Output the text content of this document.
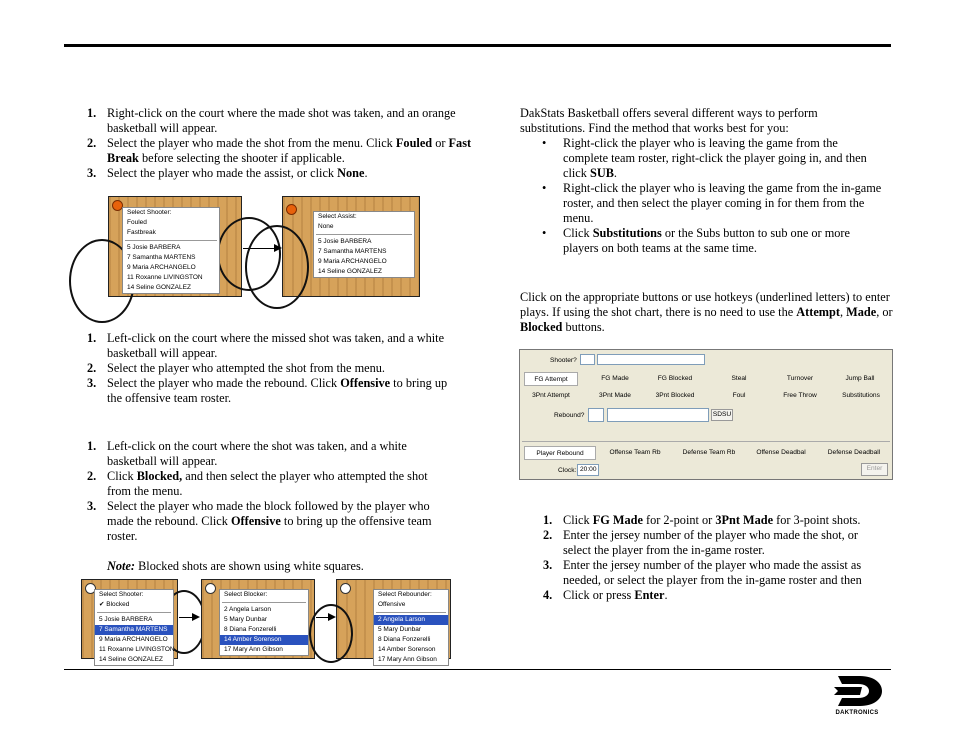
1. Right-click on the court where the made shot was taken, and an orange basketball will appear.
2. Select the player who made the shot from the menu. Click Fouled or Fast Break before selecting the shooter if applicable.
3. Select the player who made the assist, or click None.
Select Shooter:
Fouled
Fastbreak
5 Josie BARBERA
7 Samantha MARTENS
9 Maria ARCHANGELO
11 Roxanne LIVINGSTON
14 Seline GONZALEZ
Select Assist:
None
5 Josie BARBERA
7 Samantha MARTENS
9 Maria ARCHANGELO
14 Seline GONZALEZ
1. Left-click on the court where the missed shot was taken, and a white basketball will appear.
2. Select the player who attempted the shot from the menu.
3. Select the player who made the rebound. Click Offensive to bring up the offensive team roster.
1. Left-click on the court where the shot was taken, and a white basketball will appear.
2. Click Blocked, and then select the player who attempted the shot from the menu.
3. Select the player who made the block followed by the player who made the rebound. Click Offensive to bring up the offensive team roster.

Note: Blocked shots are shown using white squares.

Select Shooter:
✔ Blocked
5 Josie BARBERA
7 Samantha MARTENS
9 Maria ARCHANGELO
11 Roxanne LIVINGSTON
14 Seline GONZALEZ
Select Blocker:
2 Angela Larson
5 Mary Dunbar
8 Diana Fonzerelli
14 Amber Sorenson
17 Mary Ann Gibson
Select Rebounder:
Offensive
2 Angela Larson
5 Mary Dunbar
8 Diana Fonzerelli
14 Amber Sorenson
17 Mary Ann Gibson

DakStats Basketball offers several different ways to perform substitutions. Find the method that works best for you:

• Right-click the player who is leaving the game from the complete team roster, right-click the player going in, and then click SUB.
• Right-click the player who is leaving the game from the in-game roster, and then select the player coming in for them from the menu.
• Click Substitutions or the Subs button to sub one or more players on both teams at the same time.

Click on the appropriate buttons or use hotkeys (underlined letters) to enter plays. If using the shot chart, there is no need to use the Attempt, Made, or Blocked buttons.

Shooter?
FG Attempt	FG Made	FG Blocked	Steal	Turnover	Jump Ball
3Pnt Attempt	3Pnt Made	3Pnt Blocked	Foul	Free Throw	Substitutions
Rebound?	SDSU
Player Rebound	Offense Team Rb	Defense Team Rb	Offense Deadbal	Defense Deadball
Clock: 20:00	Enter
1. Click FG Made for 2-point or 3Pnt Made for 3-point shots.
2. Enter the jersey number of the player who made the shot, or select the player from the in-game roster.
3. Enter the jersey number of the player who made the assist as needed, or select the player from the in-game roster and then
4. Click or press Enter.
DAKTRONICS
